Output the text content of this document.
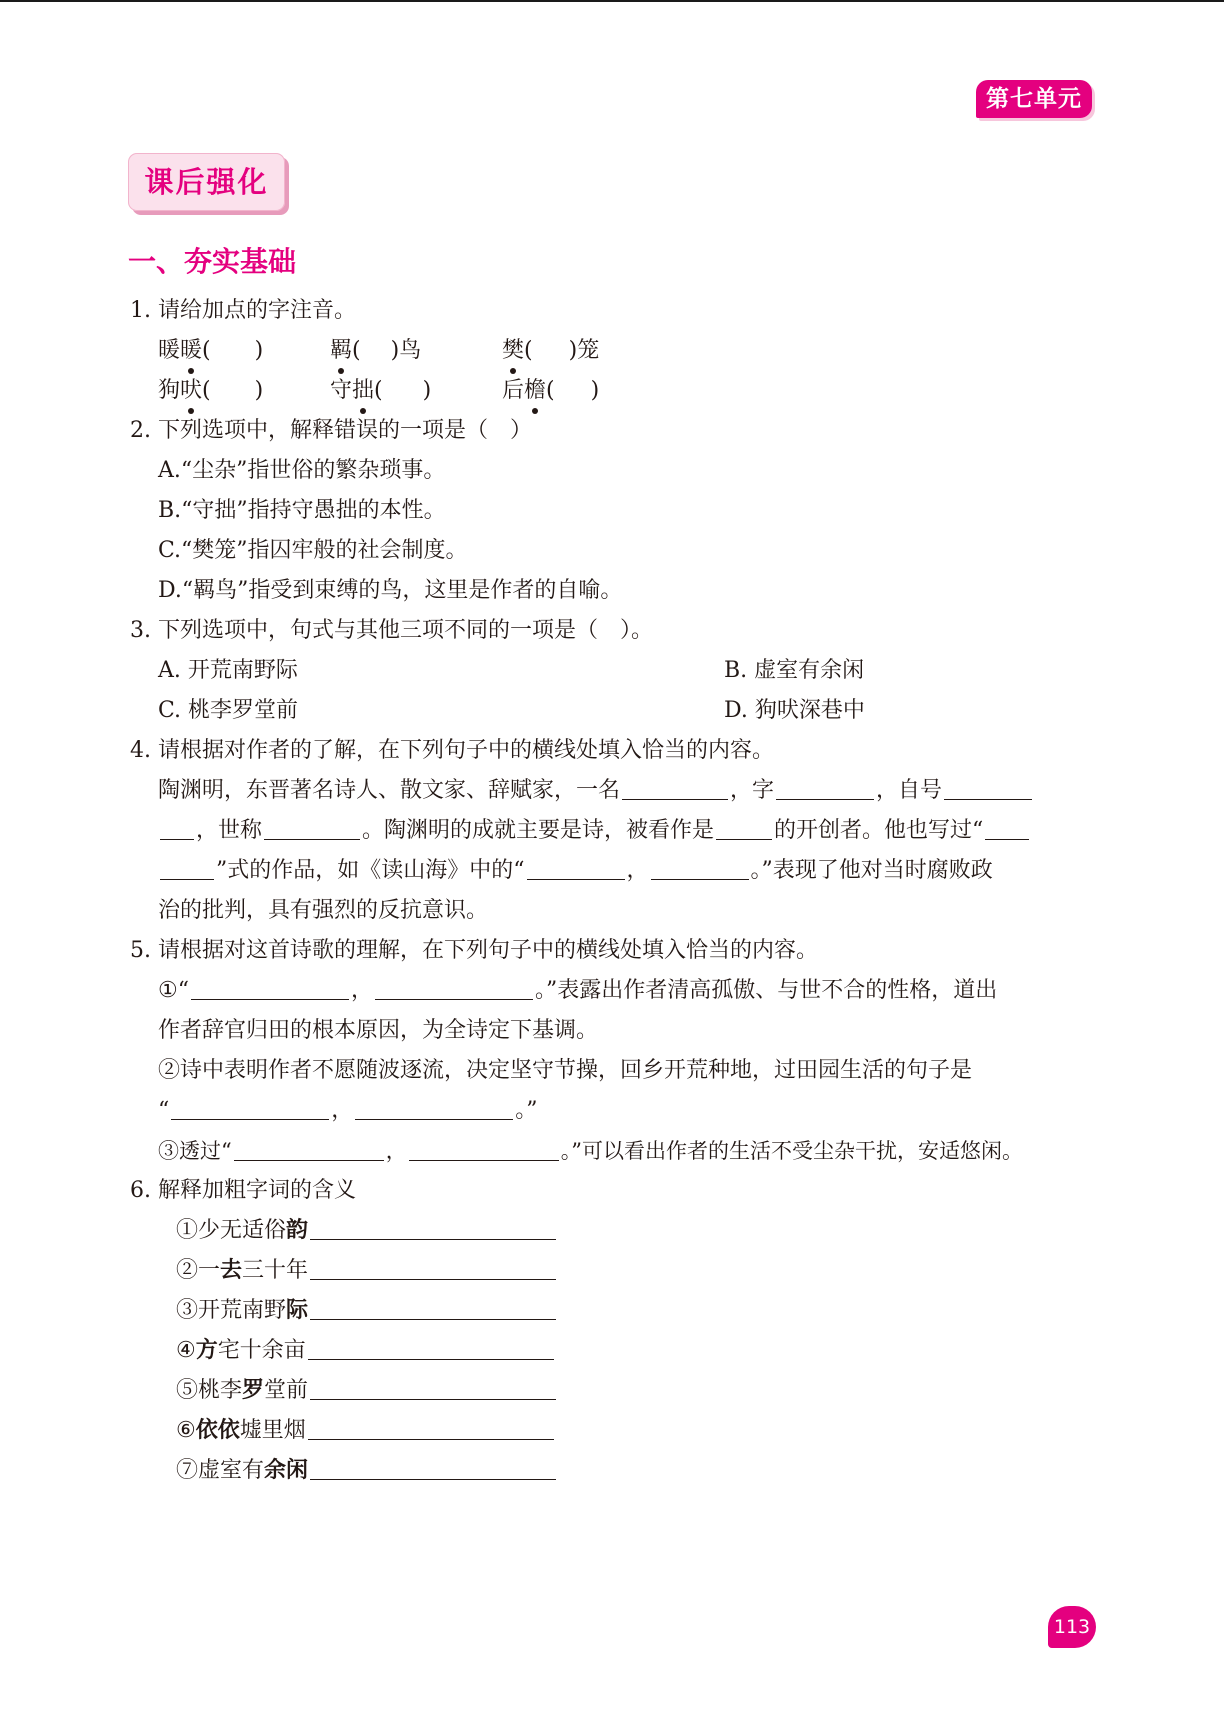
第七单元
课后强化
一、夯实基础
1. 请给加点的字注音。
暖暖( )	羁( )鸟	樊( )笼
狗吠( )	守拙( )	后檐( )
2. 下列选项中，解释错误的一项是（　）
A.“尘杂”指世俗的繁杂琐事。
B.“守拙”指持守愚拙的本性。
C.“樊笼”指囚牢般的社会制度。
D.“羁鸟”指受到束缚的鸟，这里是作者的自喻。
3. 下列选项中，句式与其他三项不同的一项是（　）。
A. 开荒南野际	B. 虚室有余闲
C. 桃李罗堂前	D. 狗吠深巷中
4. 请根据对作者的了解，在下列句子中的横线处填入恰当的内容。
陶渊明，东晋著名诗人、散文家、辞赋家，一名	，字	，自号
，世称	。陶渊明的成就主要是诗，被看作是	的开创者。他也写过“
”式的作品，如《读山海》中的“	，	。”表现了他对当时腐败政
治的批判，具有强烈的反抗意识。
5. 请根据对这首诗歌的理解，在下列句子中的横线处填入恰当的内容。
①“	，	。”表露出作者清高孤傲、与世不合的性格，道出
作者辞官归田的根本原因，为全诗定下基调。
②诗中表明作者不愿随波逐流，决定坚守节操，回乡开荒种地，过田园生活的句子是
“	，	。”
③透过“	，	。”可以看出作者的生活不受尘杂干扰，安适悠闲。
6. 解释加粗字词的含义
①少无适俗韵
②一去三十年
③开荒南野际
④方宅十余亩
⑤桃李罗堂前
⑥依依墟里烟
⑦虚室有余闲
113
